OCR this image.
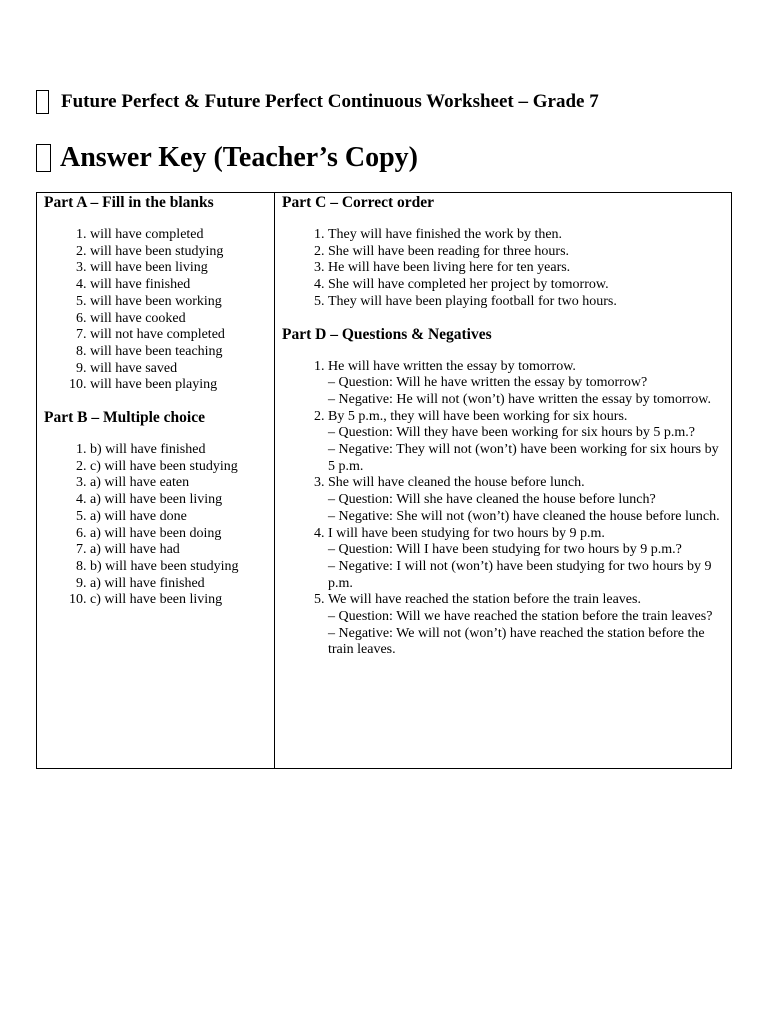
Future Perfect & Future Perfect Continuous Worksheet – Grade 7
Answer Key (Teacher’s Copy)
Part A – Fill in the blanks
1. will have completed
2. will have been studying
3. will have been living
4. will have finished
5. will have been working
6. will have cooked
7. will not have completed
8. will have been teaching
9. will have saved
10. will have been playing
Part B – Multiple choice
1. b) will have finished
2. c) will have been studying
3. a) will have eaten
4. a) will have been living
5. a) will have done
6. a) will have been doing
7. a) will have had
8. b) will have been studying
9. a) will have finished
10. c) will have been living

Part C – Correct order
1. They will have finished the work by then.
2. She will have been reading for three hours.
3. He will have been living here for ten years.
4. She will have completed her project by tomorrow.
5. They will have been playing football for two hours.
Part D – Questions & Negatives
1. He will have written the essay by tomorrow.
– Question: Will he have written the essay by tomorrow?
– Negative: He will not (won’t) have written the essay by tomorrow.
2. By 5 p.m., they will have been working for six hours.
– Question: Will they have been working for six hours by 5 p.m.?
– Negative: They will not (won’t) have been working for six hours by 5 p.m.
3. She will have cleaned the house before lunch.
– Question: Will she have cleaned the house before lunch?
– Negative: She will not (won’t) have cleaned the house before lunch.
4. I will have been studying for two hours by 9 p.m.
– Question: Will I have been studying for two hours by 9 p.m.?
– Negative: I will not (won’t) have been studying for two hours by 9 p.m.
5. We will have reached the station before the train leaves.
– Question: Will we have reached the station before the train leaves?
– Negative: We will not (won’t) have reached the station before the train leaves.
